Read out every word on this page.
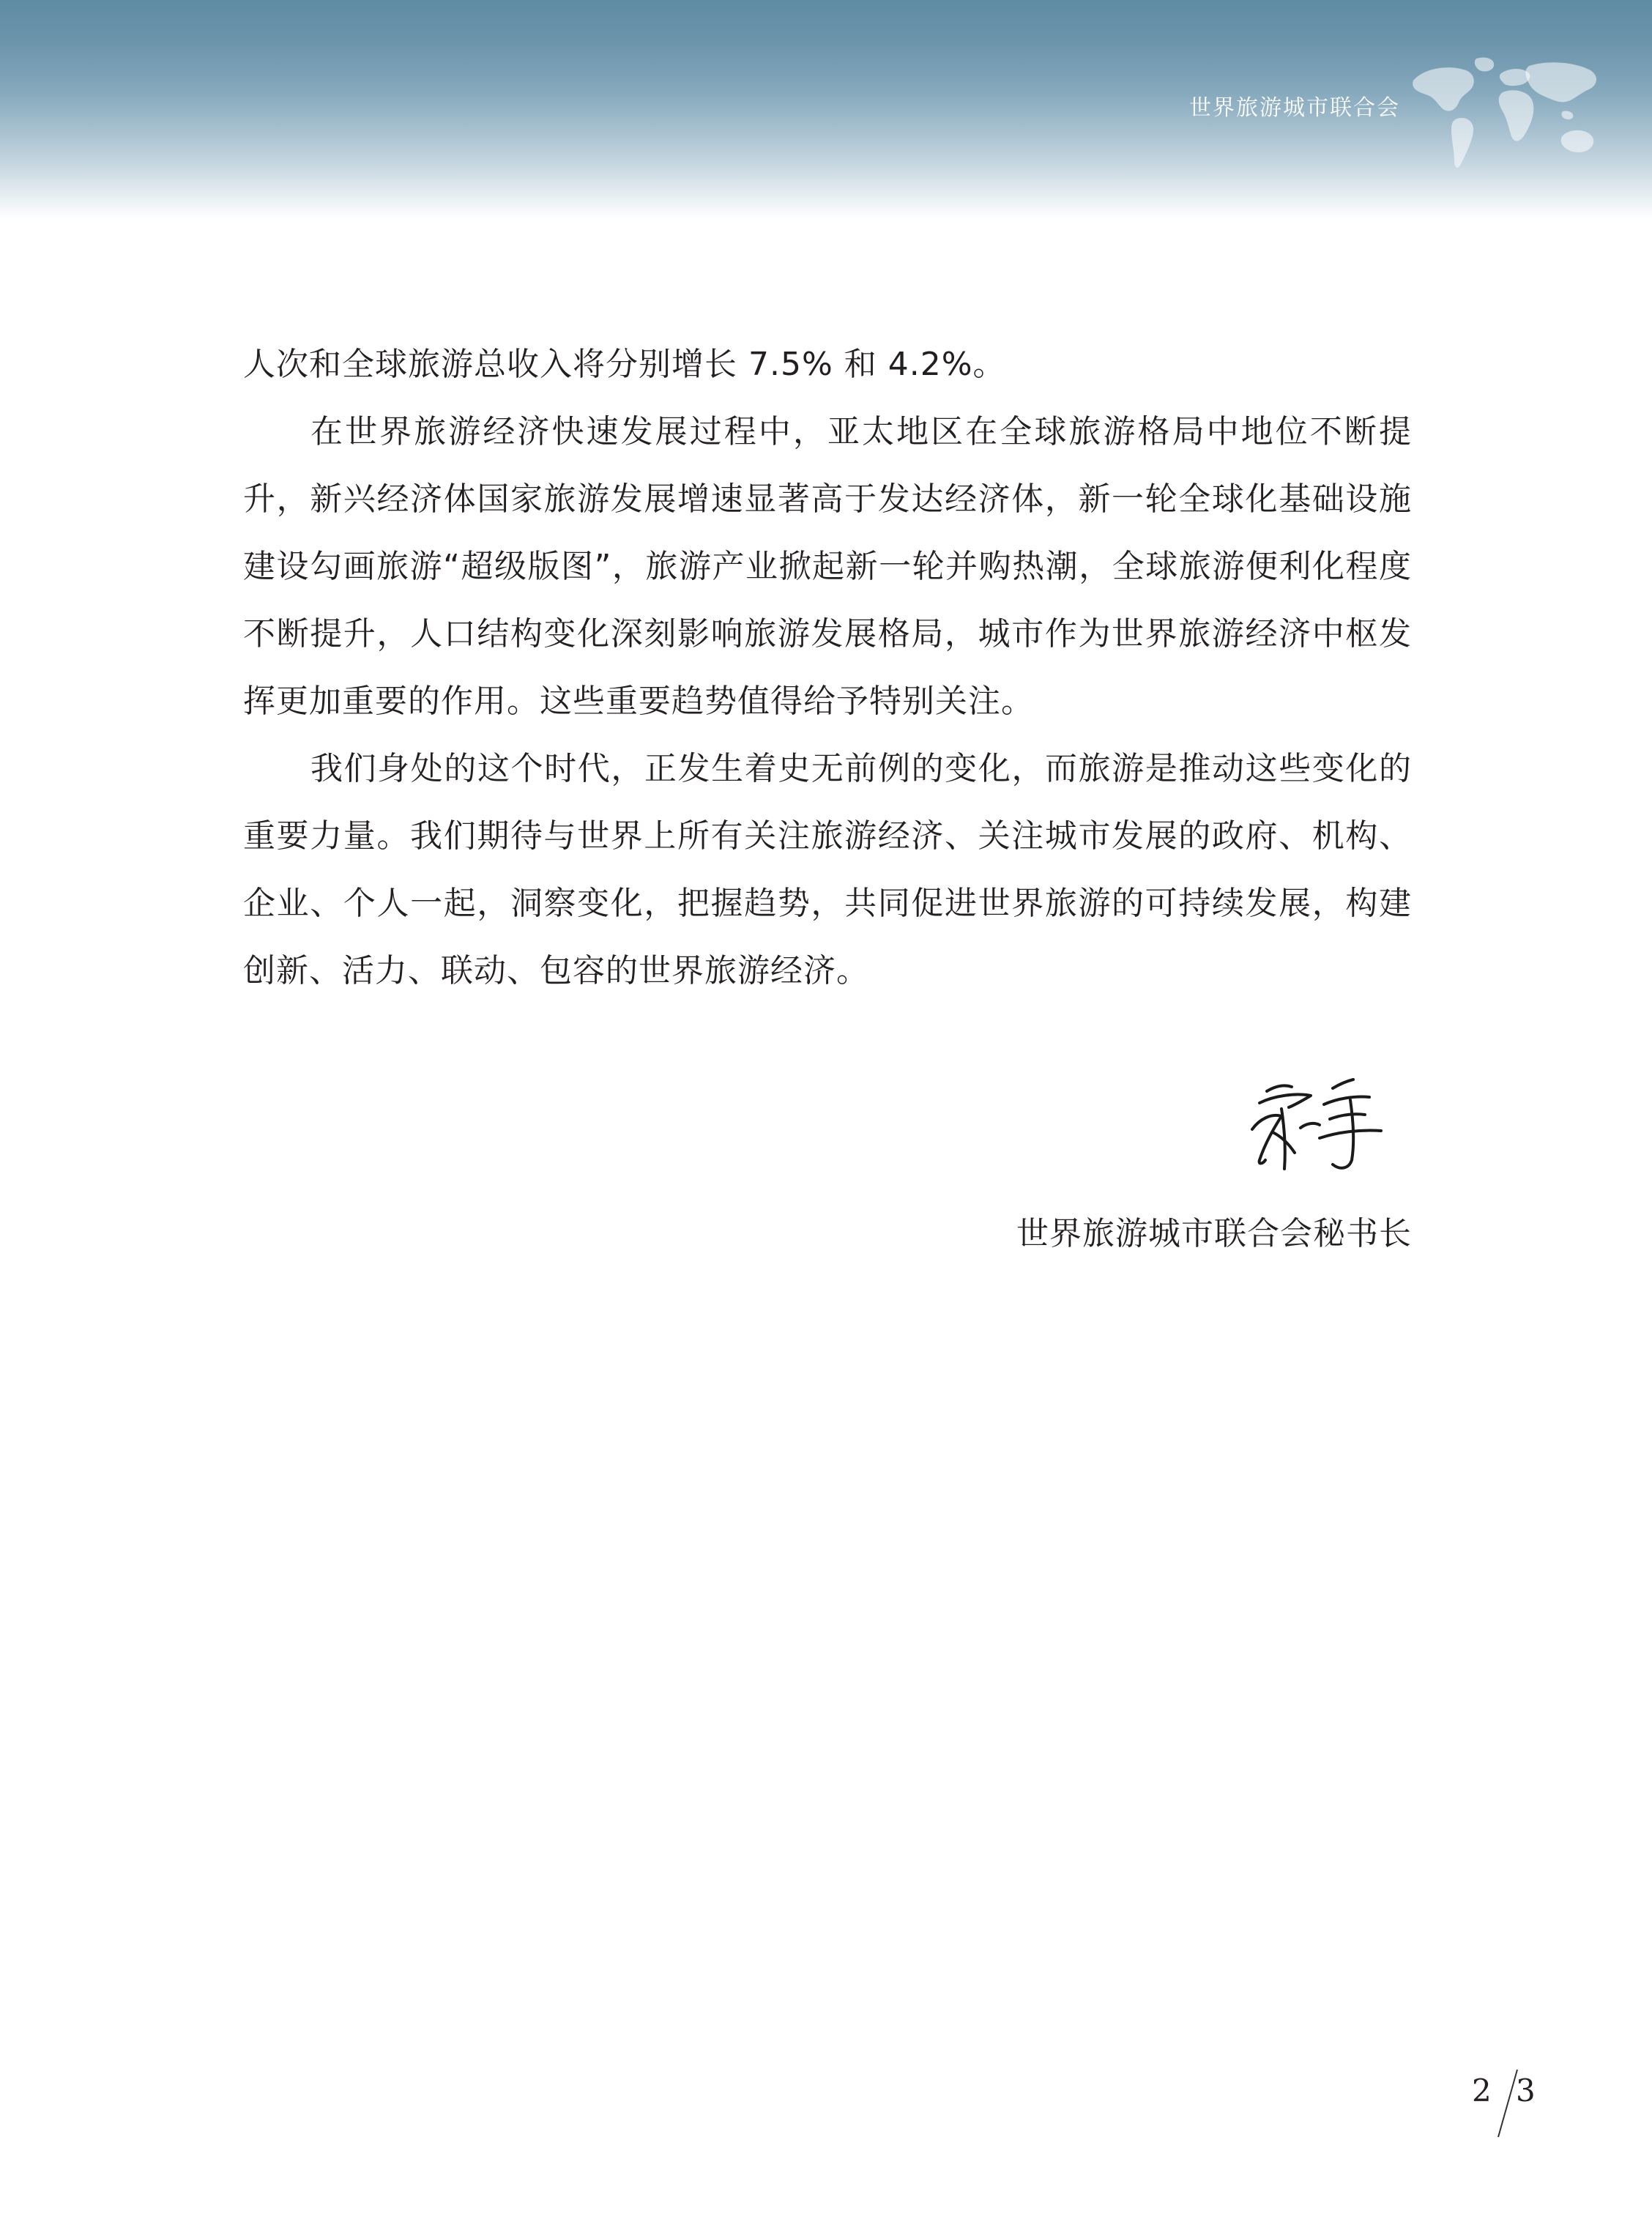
世界旅游城市联合会

人次和全球旅游总收入将分别增长 7.5% 和 4.2%。

在世界旅游经济快速发展过程中，亚太地区在全球旅游格局中地位不断提升，新兴经济体国家旅游发展增速显著高于发达经济体，新一轮全球化基础设施建设勾画旅游“超级版图”，旅游产业掀起新一轮并购热潮，全球旅游便利化程度不断提升，人口结构变化深刻影响旅游发展格局，城市作为世界旅游经济中枢发挥更加重要的作用。这些重要趋势值得给予特别关注。

我们身处的这个时代，正发生着史无前例的变化，而旅游是推动这些变化的重要力量。我们期待与世界上所有关注旅游经济、关注城市发展的政府、机构、企业、个人一起，洞察变化，把握趋势，共同促进世界旅游的可持续发展，构建创新、活力、联动、包容的世界旅游经济。

世界旅游城市联合会秘书长
2 3
